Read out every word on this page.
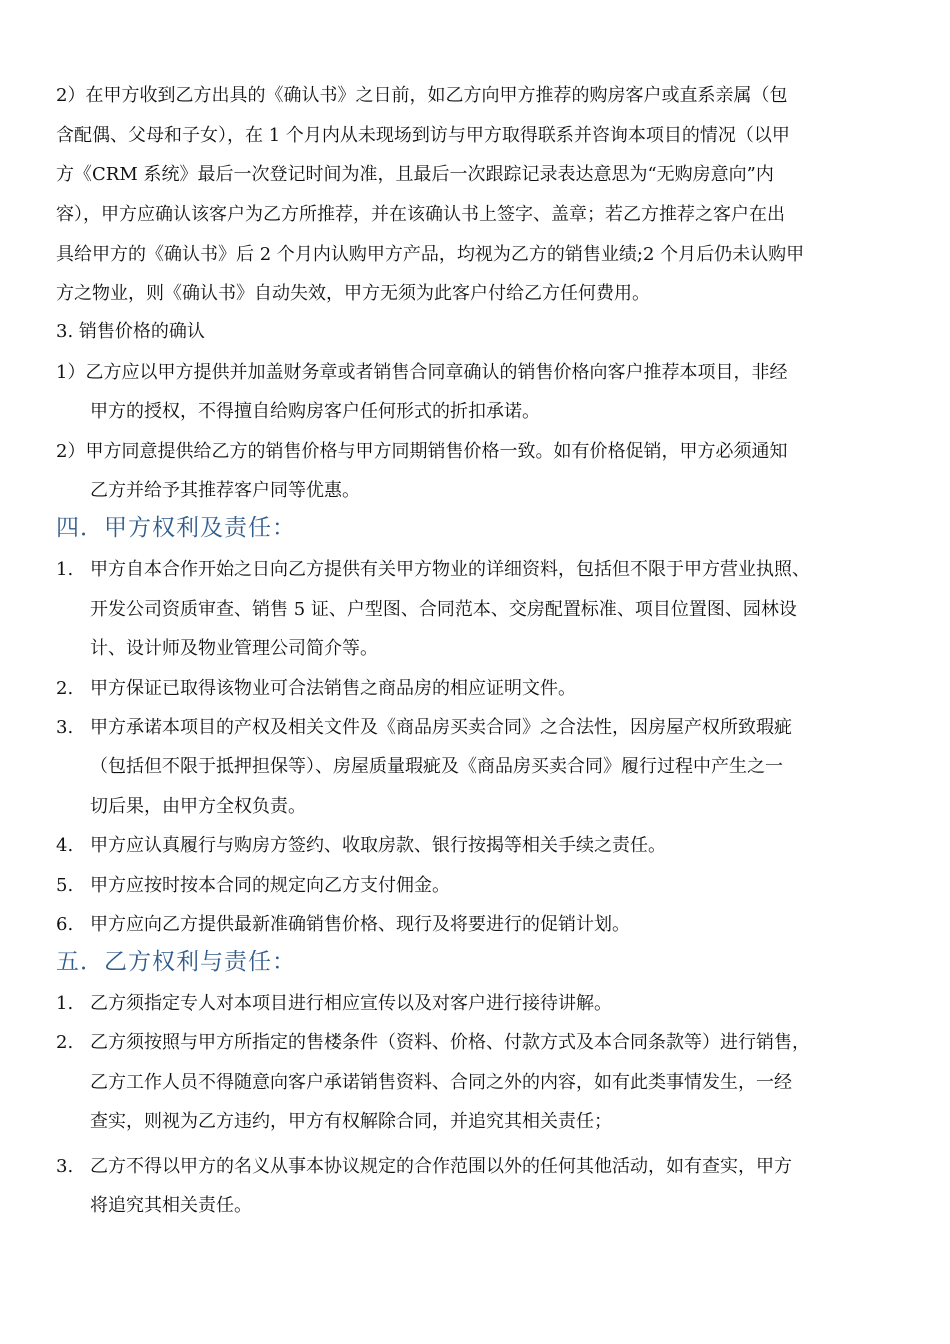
2）在甲方收到乙方出具的《确认书》之日前，如乙方向甲方推荐的购房客户或直系亲属（包
含配偶、父母和子女），在 1 个月内从未现场到访与甲方取得联系并咨询本项目的情况（以甲
方《CRM 系统》最后一次登记时间为准，且最后一次跟踪记录表达意思为“无购房意向”内
容），甲方应确认该客户为乙方所推荐，并在该确认书上签字、盖章；若乙方推荐之客户在出
具给甲方的《确认书》后 2 个月内认购甲方产品，均视为乙方的销售业绩;2 个月后仍未认购甲
方之物业，则《确认书》自动失效，甲方无须为此客户付给乙方任何费用。
3. 销售价格的确认
1）乙方应以甲方提供并加盖财务章或者销售合同章确认的销售价格向客户推荐本项目，非经
甲方的授权，不得擅自给购房客户任何形式的折扣承诺。
2）甲方同意提供给乙方的销售价格与甲方同期销售价格一致。如有价格促销，甲方必须通知
乙方并给予其推荐客户同等优惠。
四．甲方权利及责任：
1. 甲方自本合作开始之日向乙方提供有关甲方物业的详细资料，包括但不限于甲方营业执照、
开发公司资质审查、销售 5 证、户型图、合同范本、交房配置标准、项目位置图、园林设
计、设计师及物业管理公司简介等。
2. 甲方保证已取得该物业可合法销售之商品房的相应证明文件。
3. 甲方承诺本项目的产权及相关文件及《商品房买卖合同》之合法性，因房屋产权所致瑕疵
（包括但不限于抵押担保等）、房屋质量瑕疵及《商品房买卖合同》履行过程中产生之一
切后果，由甲方全权负责。
4. 甲方应认真履行与购房方签约、收取房款、银行按揭等相关手续之责任。
5. 甲方应按时按本合同的规定向乙方支付佣金。
6. 甲方应向乙方提供最新准确销售价格、现行及将要进行的促销计划。
五．乙方权利与责任：
1. 乙方须指定专人对本项目进行相应宣传以及对客户进行接待讲解。
2. 乙方须按照与甲方所指定的售楼条件（资料、价格、付款方式及本合同条款等）进行销售，
乙方工作人员不得随意向客户承诺销售资料、合同之外的内容，如有此类事情发生，一经
查实，则视为乙方违约，甲方有权解除合同，并追究其相关责任；
3. 乙方不得以甲方的名义从事本协议规定的合作范围以外的任何其他活动，如有查实，甲方
将追究其相关责任。
